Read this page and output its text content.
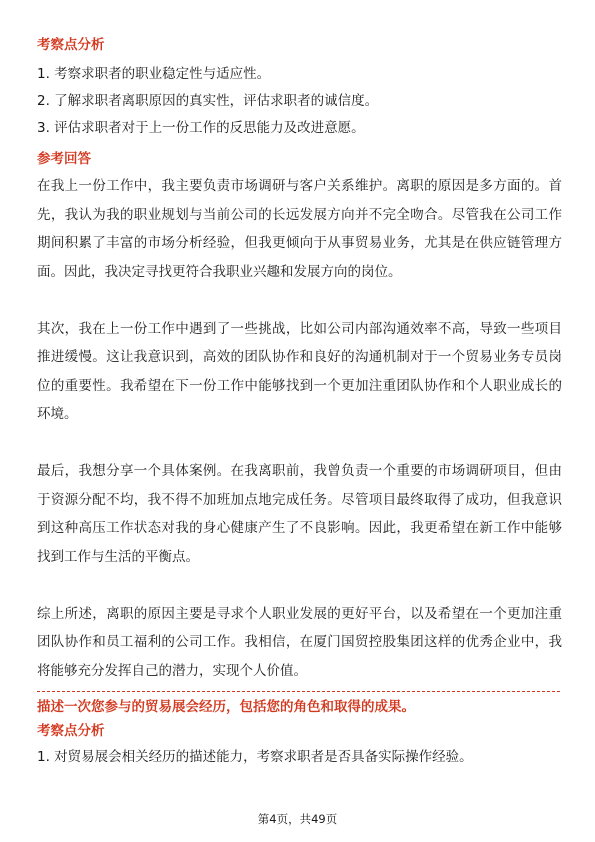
考察点分析

1. 考察求职者的职业稳定性与适应性。

2. 了解求职者离职原因的真实性，评估求职者的诚信度。

3. 评估求职者对于上一份工作的反思能力及改进意愿。

参考回答

在我上一份工作中，我主要负责市场调研与客户关系维护。离职的原因是多方面的。首先，我认为我的职业规划与当前公司的长远发展方向并不完全吻合。尽管我在公司工作期间积累了丰富的市场分析经验，但我更倾向于从事贸易业务，尤其是在供应链管理方面。因此，我决定寻找更符合我职业兴趣和发展方向的岗位。

其次，我在上一份工作中遇到了一些挑战，比如公司内部沟通效率不高，导致一些项目推进缓慢。这让我意识到，高效的团队协作和良好的沟通机制对于一个贸易业务专员岗位的重要性。我希望在下一份工作中能够找到一个更加注重团队协作和个人职业成长的环境。

最后，我想分享一个具体案例。在我离职前，我曾负责一个重要的市场调研项目，但由于资源分配不均，我不得不加班加点地完成任务。尽管项目最终取得了成功，但我意识到这种高压工作状态对我的身心健康产生了不良影响。因此，我更希望在新工作中能够找到工作与生活的平衡点。

综上所述，离职的原因主要是寻求个人职业发展的更好平台，以及希望在一个更加注重团队协作和员工福利的公司工作。我相信，在厦门国贸控股集团这样的优秀企业中，我将能够充分发挥自己的潜力，实现个人价值。

描述一次您参与的贸易展会经历，包括您的角色和取得的成果。

考察点分析

1. 对贸易展会相关经历的描述能力，考察求职者是否具备实际操作经验。

第4页，共49页
